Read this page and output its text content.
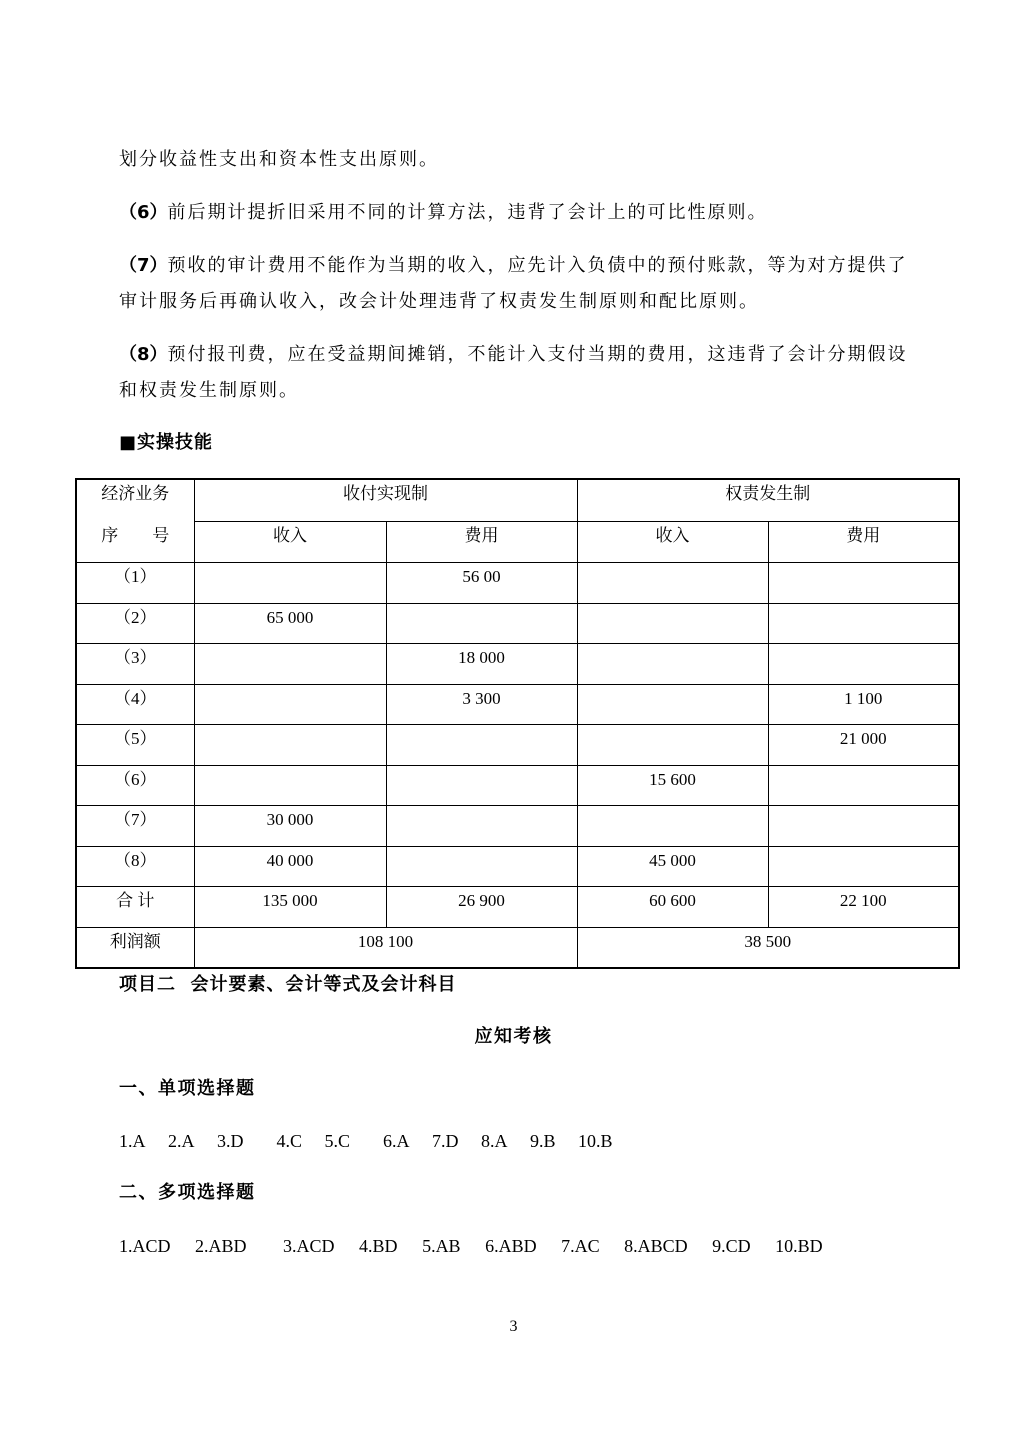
划分收益性支出和资本性支出原则。
（6）前后期计提折旧采用不同的计算方法，违背了会计上的可比性原则。
（7）预收的审计费用不能作为当期的收入，应先计入负债中的预付账款，等为对方提供了
审计服务后再确认收入，改会计处理违背了权责发生制原则和配比原则。
（8）预付报刊费，应在受益期间摊销，不能计入支付当期的费用，这违背了会计分期假设
和权责发生制原则。
■实操技能
经济业务
序　　号	收付实现制		权责发生制	
	收入	费用	收入	费用
（1）		56 00		
（2）	65 000			
（3）		18 000		
（4）		3 300		1 100
（5）				21 000
（6）			15 600	
（7）	30 000			
（8）	40 000		45 000	
合 计	135 000	26 900	60 600	22 100
利润额	108 100		38 500	
项目二  会计要素、会计等式及会计科目
应知考核
一、单项选择题
1.A 2.A 3.D 4.C 5.C 6.A 7.D 8.A 9.B 10.B
二、多项选择题
1.ACD 2.ABD 3.ACD 4.BD 5.AB 6.ABD 7.AC 8.ABCD 9.CD 10.BD
3
